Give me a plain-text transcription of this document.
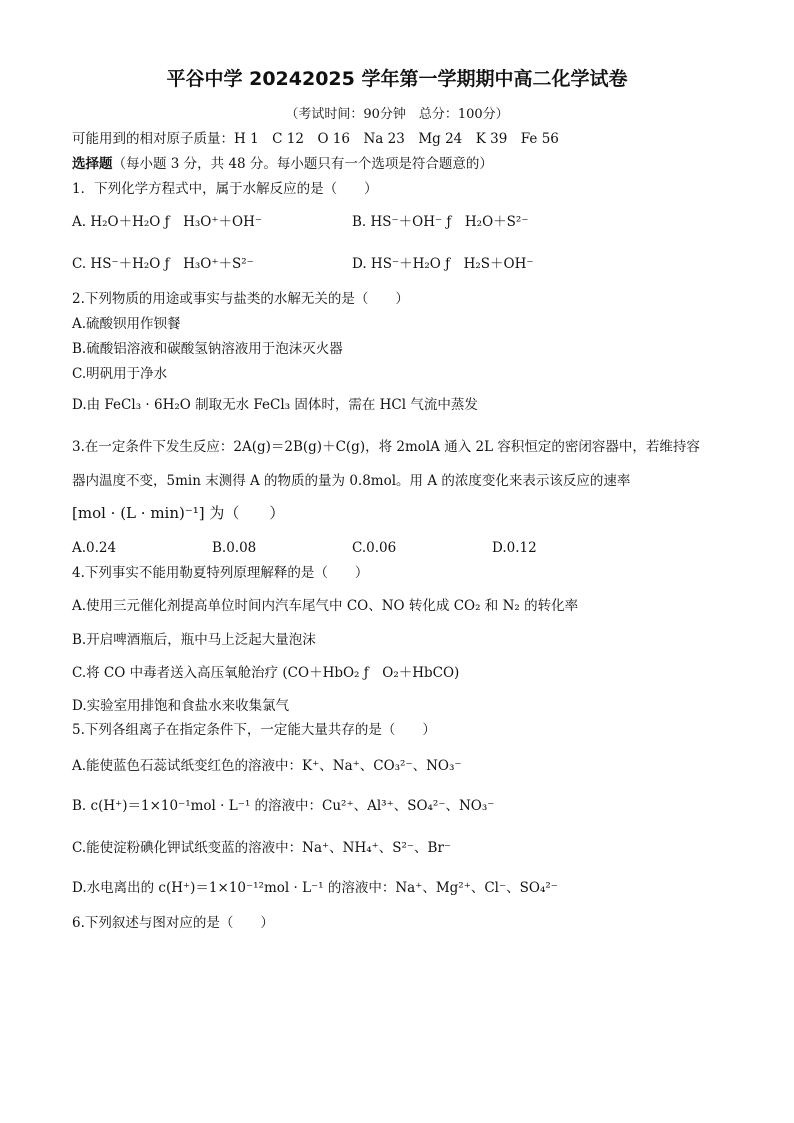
平谷中学 20242025 学年第一学期期中高二化学试卷
（考试时间：90分钟　总分：100分）
可能用到的相对原子质量：H 1　C 12　O 16　Na 23　Mg 24　K 39　Fe 56
选择题（每小题 3 分，共 48 分。每小题只有一个选项是符合题意的）
1．下列化学方程式中，属于水解反应的是（　　）
A. H₂O＋H₂O ƒ　H₃O⁺＋OH⁻	B. HS⁻＋OH⁻ ƒ　H₂O＋S²⁻
C. HS⁻＋H₂O ƒ　H₃O⁺＋S²⁻	D. HS⁻＋H₂O ƒ　H₂S＋OH⁻
2.下列物质的用途或事实与盐类的水解无关的是（　　）
A.硫酸钡用作钡餐
B.硫酸铝溶液和碳酸氢钠溶液用于泡沫灭火器
C.明矾用于净水
D.由 FeCl₃ · 6H₂O 制取无水 FeCl₃ 固体时，需在 HCl 气流中蒸发
3.在一定条件下发生反应：2A(g)＝2B(g)＋C(g)，将 2molA 通入 2L 容积恒定的密闭容器中，若维持容
器内温度不变，5min 末测得 A 的物质的量为 0.8mol。用 A 的浓度变化来表示该反应的速率
[mol · (L · min)⁻¹] 为（　　）
A.0.24	B.0.08	C.0.06	D.0.12
4.下列事实不能用勒夏特列原理解释的是（　　）
A.使用三元催化剂提高单位时间内汽车尾气中 CO、NO 转化成 CO₂ 和 N₂ 的转化率
B.开启啤酒瓶后，瓶中马上泛起大量泡沫
C.将 CO 中毒者送入高压氧舱治疗 (CO＋HbO₂ ƒ　O₂＋HbCO)
D.实验室用排饱和食盐水来收集氯气
5.下列各组离子在指定条件下，一定能大量共存的是（　　）
A.能使蓝色石蕊试纸变红色的溶液中：K⁺、Na⁺、CO₃²⁻、NO₃⁻
B. c(H⁺)＝1×10⁻¹mol · L⁻¹ 的溶液中：Cu²⁺、Al³⁺、SO₄²⁻、NO₃⁻
C.能使淀粉碘化钾试纸变蓝的溶液中：Na⁺、NH₄⁺、S²⁻、Br⁻
D.水电离出的 c(H⁺)＝1×10⁻¹²mol · L⁻¹ 的溶液中：Na⁺、Mg²⁺、Cl⁻、SO₄²⁻
6.下列叙述与图对应的是（　　）
